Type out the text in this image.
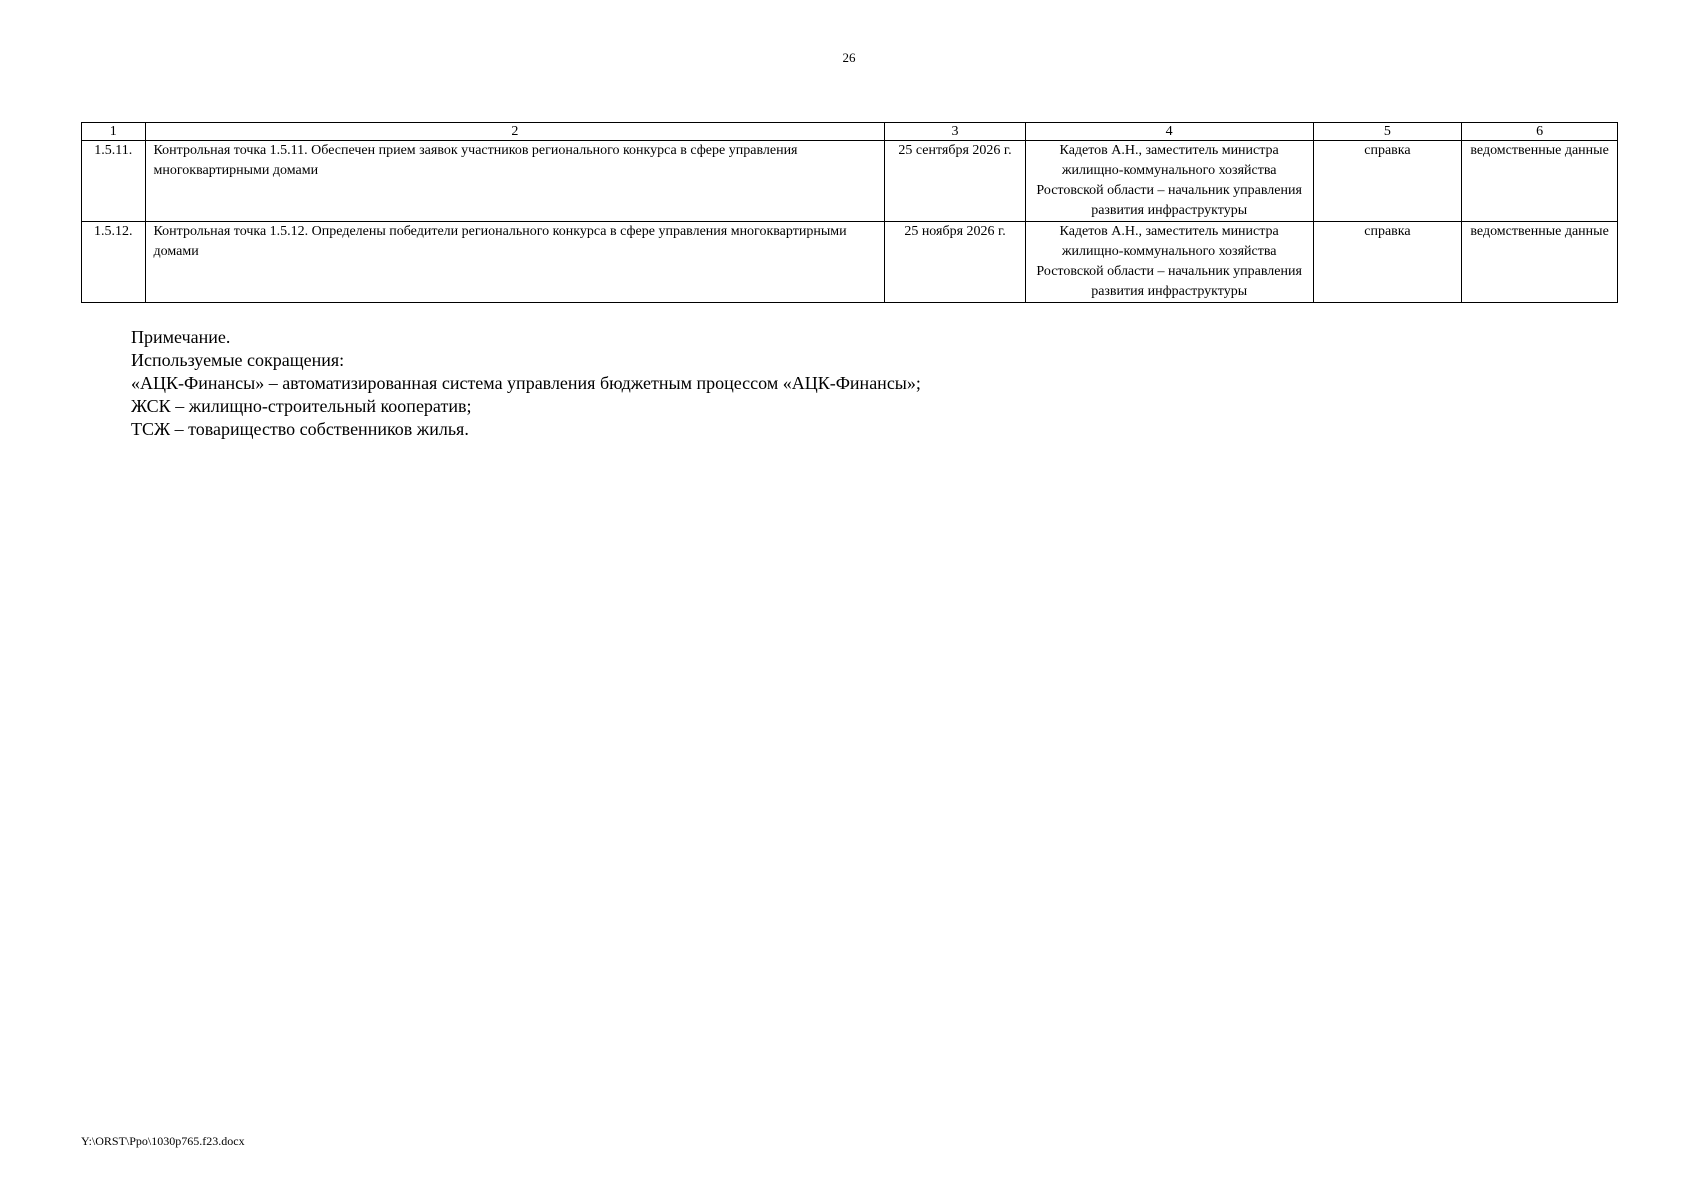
26
1	2	3	4	5	6
1.5.11.	Контрольная точка 1.5.11. Обеспечен прием заявок участников регионального конкурса в сфере управления многоквартирными домами	25 сентября 2026 г.	Кадетов А.Н., заместитель министра жилищно-коммунального хозяйства Ростовской области – начальник управления развития инфраструктуры	справка	ведомственные данные
1.5.12.	Контрольная точка 1.5.12. Определены победители регионального конкурса в сфере управления многоквартирными домами	25 ноября 2026 г.	Кадетов А.Н., заместитель министра жилищно-коммунального хозяйства Ростовской области – начальник управления развития инфраструктуры	справка	ведомственные данные
Примечание.
Используемые сокращения:
«АЦК-Финансы» – автоматизированная система управления бюджетным процессом «АЦК-Финансы»;
ЖСК – жилищно-строительный кооператив;
ТСЖ – товарищество собственников жилья.
Y:\ORST\Ppo\1030p765.f23.docx
